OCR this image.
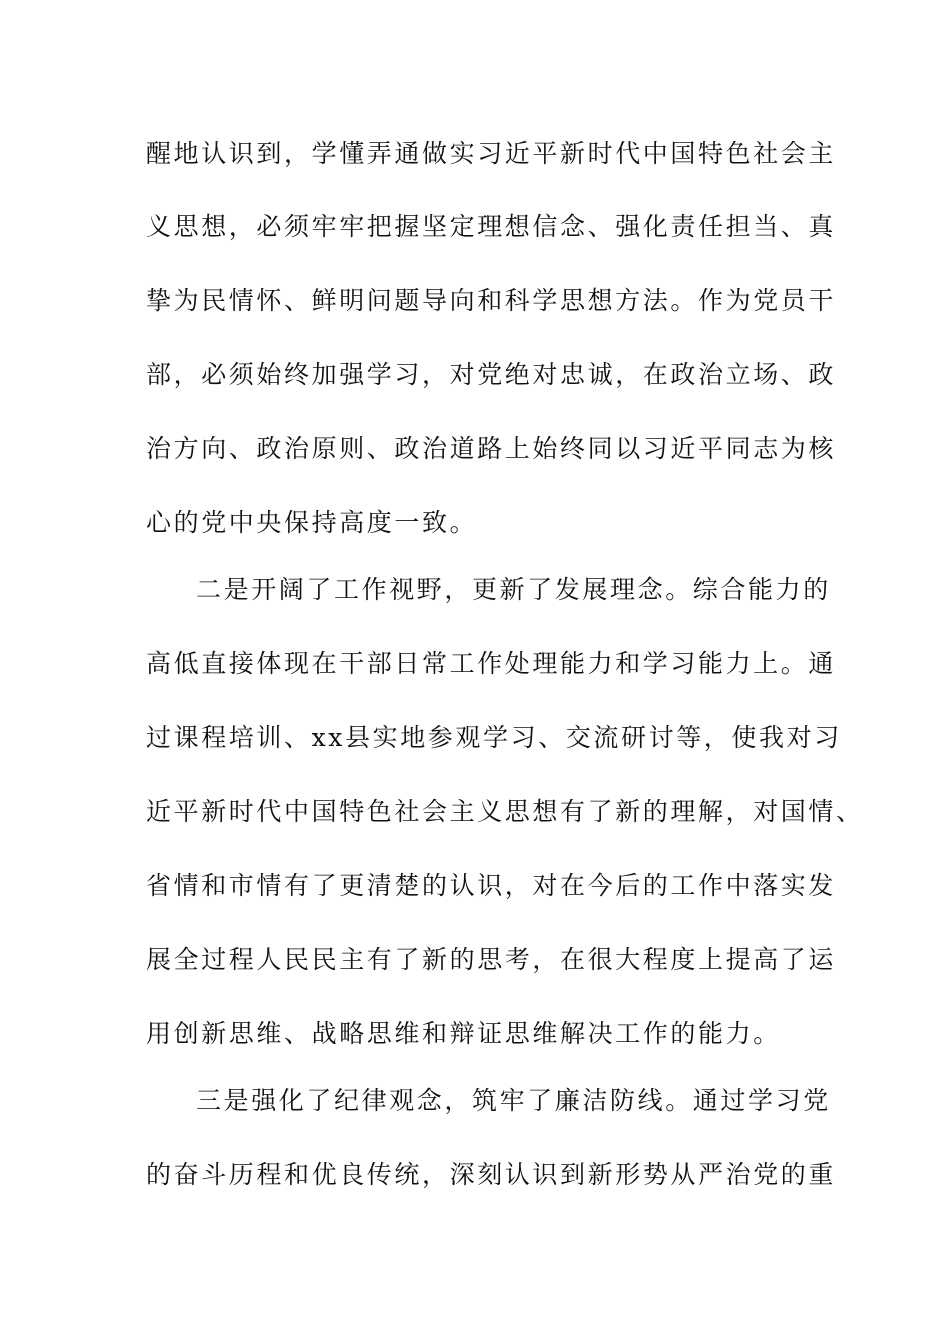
醒地认识到，学懂弄通做实习近平新时代中国特色社会主

义思想，必须牢牢把握坚定理想信念、强化责任担当、真

挚为民情怀、鲜明问题导向和科学思想方法。作为党员干

部，必须始终加强学习，对党绝对忠诚，在政治立场、政

治方向、政治原则、政治道路上始终同以习近平同志为核

心的党中央保持高度一致。

二是开阔了工作视野，更新了发展理念。综合能力的

高低直接体现在干部日常工作处理能力和学习能力上。通

过课程培训、xx县实地参观学习、交流研讨等，使我对习

近平新时代中国特色社会主义思想有了新的理解，对国情、

省情和市情有了更清楚的认识，对在今后的工作中落实发

展全过程人民民主有了新的思考，在很大程度上提高了运

用创新思维、战略思维和辩证思维解决工作的能力。

三是强化了纪律观念，筑牢了廉洁防线。通过学习党

的奋斗历程和优良传统，深刻认识到新形势从严治党的重
